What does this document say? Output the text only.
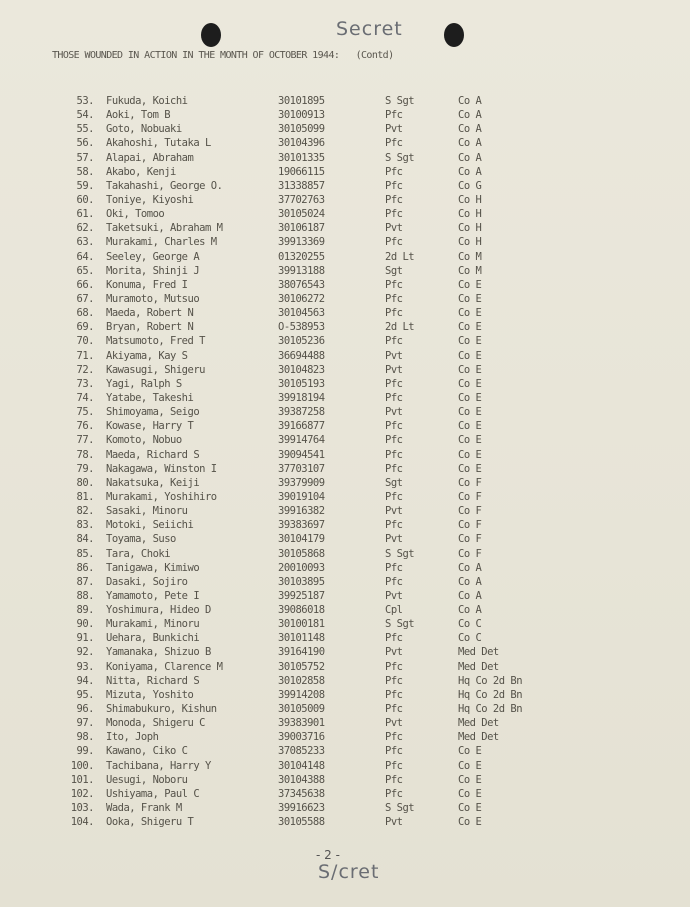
Secret
THOSE WOUNDED IN ACTION IN THE MONTH OF OCTOBER 1944: (Contd)
53. Fukuda, Koichi	30101895	S Sgt	Co A
54. Aoki, Tom B	30100913	Pfc	Co A
55. Goto, Nobuaki	30105099	Pvt	Co A
56. Akahoshi, Tutaka L	30104396	Pfc	Co A
57. Alapai, Abraham	30101335	S Sgt	Co A
58. Akabo, Kenji	19066115	Pfc	Co A
59. Takahashi, George O.	31338857	Pfc	Co G
60. Toniye, Kiyoshi	37702763	Pfc	Co H
61. Oki, Tomoo	30105024	Pfc	Co H
62. Taketsuki, Abraham M	30106187	Pvt	Co H
63. Murakami, Charles M	39913369	Pfc	Co H
64. Seeley, George A	01320255	2d Lt	Co M
65. Morita, Shinji J	39913188	Sgt	Co M
66. Konuma, Fred I	38076543	Pfc	Co E
67. Muramoto, Mutsuo	30106272	Pfc	Co E
68. Maeda, Robert N	30104563	Pfc	Co E
69. Bryan, Robert N	O-538953	2d Lt	Co E
70. Matsumoto, Fred T	30105236	Pfc	Co E
71. Akiyama, Kay S	36694488	Pvt	Co E
72. Kawasugi, Shigeru	30104823	Pvt	Co E
73. Yagi, Ralph S	30105193	Pfc	Co E
74. Yatabe, Takeshi	39918194	Pfc	Co E
75. Shimoyama, Seigo	39387258	Pvt	Co E
76. Kowase, Harry T	39166877	Pfc	Co E
77. Komoto, Nobuo	39914764	Pfc	Co E
78. Maeda, Richard S	39094541	Pfc	Co E
79. Nakagawa, Winston I	37703107	Pfc	Co E
80. Nakatsuka, Keiji	39379909	Sgt	Co F
81. Murakami, Yoshihiro	39019104	Pfc	Co F
82. Sasaki, Minoru	39916382	Pvt	Co F
83. Motoki, Seiichi	39383697	Pfc	Co F
84. Toyama, Suso	30104179	Pvt	Co F
85. Tara, Choki	30105868	S Sgt	Co F
86. Tanigawa, Kimiwo	20010093	Pfc	Co A
87. Dasaki, Sojiro	30103895	Pfc	Co A
88. Yamamoto, Pete I	39925187	Pvt	Co A
89. Yoshimura, Hideo D	39086018	Cpl	Co A
90. Murakami, Minoru	30100181	S Sgt	Co C
91. Uehara, Bunkichi	30101148	Pfc	Co C
92. Yamanaka, Shizuo B	39164190	Pvt	Med Det
93. Koniyama, Clarence M	30105752	Pfc	Med Det
94. Nitta, Richard S	30102858	Pfc	Hq Co 2d Bn
95. Mizuta, Yoshito	39914208	Pfc	Hq Co 2d Bn
96. Shimabukuro, Kishun	30105009	Pfc	Hq Co 2d Bn
97. Monoda, Shigeru C	39383901	Pvt	Med Det
98. Ito, Joph	39003716	Pfc	Med Det
99. Kawano, Ciko C	37085233	Pfc	Co E
100. Tachibana, Harry Y	30104148	Pfc	Co E
101. Uesugi, Noboru	30104388	Pfc	Co E
102. Ushiyama, Paul C	37345638	Pfc	Co E
103. Wada, Frank M	39916623	S Sgt	Co E
104. Ooka, Shigeru T	30105588	Pvt	Co E
- 2 -
S/cret
